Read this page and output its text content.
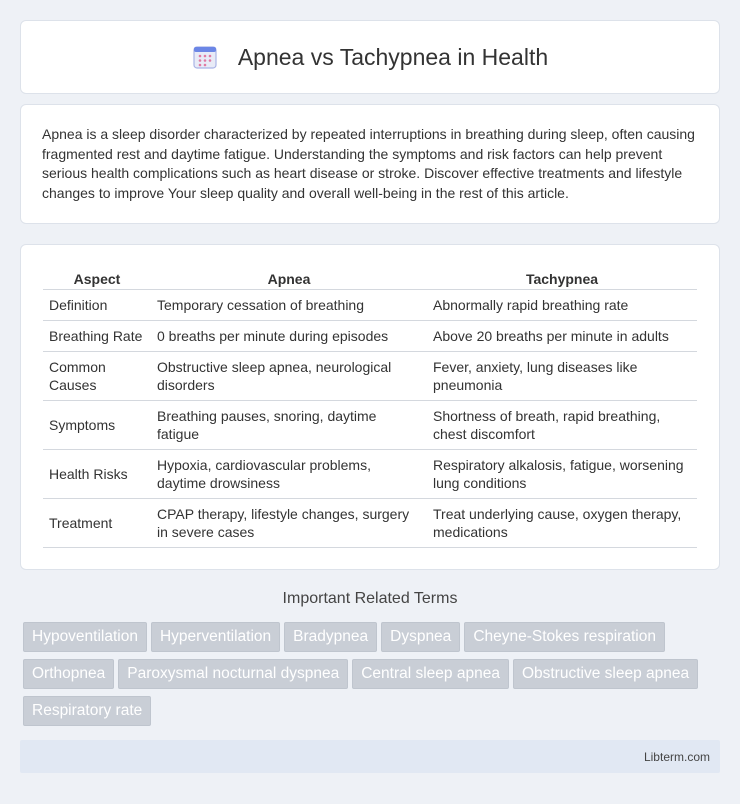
Apnea vs Tachypnea in Health

Apnea is a sleep disorder characterized by repeated interruptions in breathing during sleep, often causing fragmented rest and daytime fatigue. Understanding the symptoms and risk factors can help prevent serious health complications such as heart disease or stroke. Discover effective treatments and lifestyle changes to improve Your sleep quality and overall well-being in the rest of this article.

Aspect	Apnea	Tachypnea
Definition	Temporary cessation of breathing	Abnormally rapid breathing rate
Breathing Rate	0 breaths per minute during episodes	Above 20 breaths per minute in adults
Common Causes	Obstructive sleep apnea, neurological disorders	Fever, anxiety, lung diseases like pneumonia
Symptoms	Breathing pauses, snoring, daytime fatigue	Shortness of breath, rapid breathing, chest discomfort
Health Risks	Hypoxia, cardiovascular problems, daytime drowsiness	Respiratory alkalosis, fatigue, worsening lung conditions
Treatment	CPAP therapy, lifestyle changes, surgery in severe cases	Treat underlying cause, oxygen therapy, medications
Important Related Terms
Hypoventilation Hyperventilation Bradypnea Dyspnea Cheyne-Stokes respiration
Orthopnea Paroxysmal nocturnal dyspnea Central sleep apnea Obstructive sleep apnea
Respiratory rate
Libterm.com
